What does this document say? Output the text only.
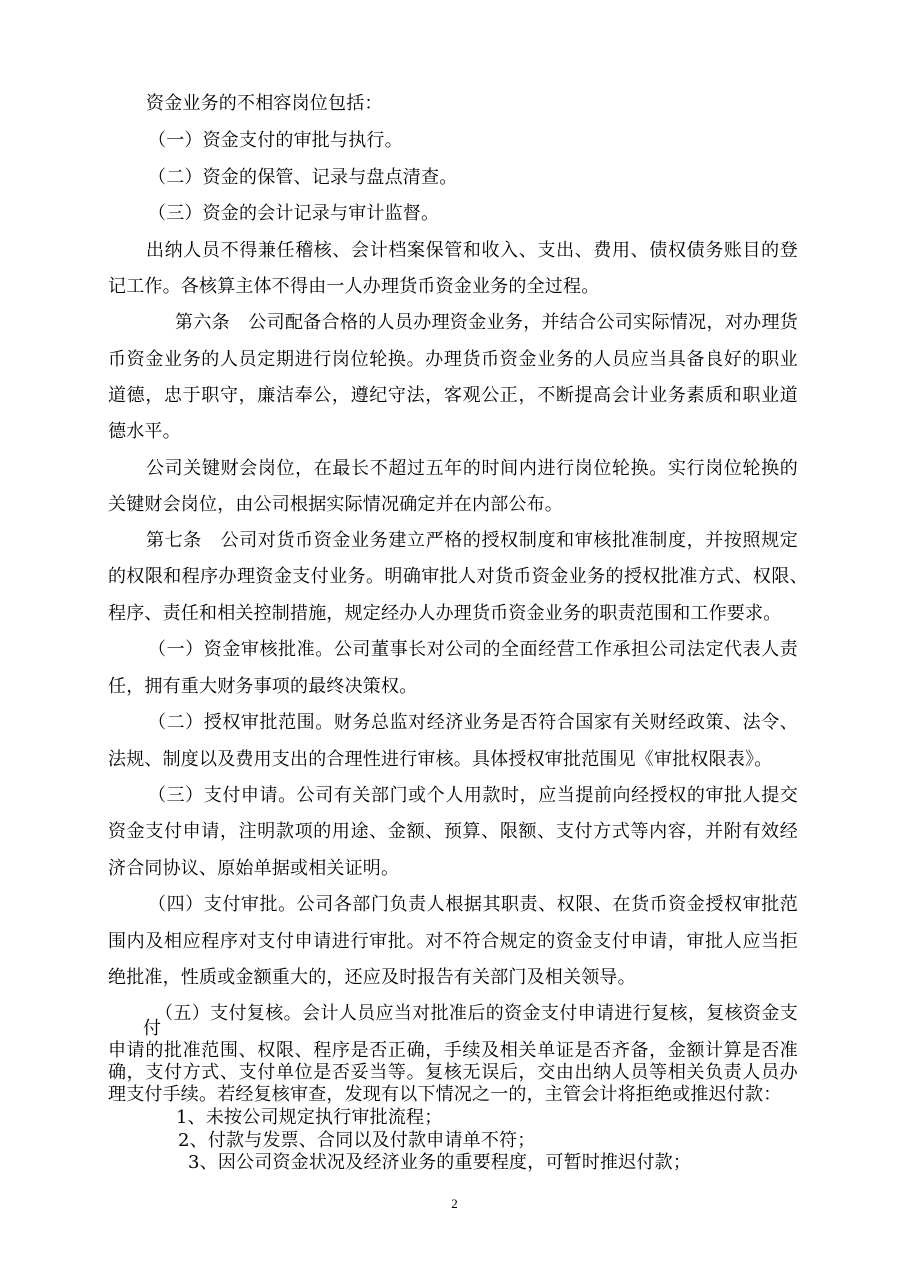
资金业务的不相容岗位包括：
（一）资金支付的审批与执行。
（二）资金的保管、记录与盘点清查。
（三）资金的会计记录与审计监督。
出纳人员不得兼任稽核、会计档案保管和收入、支出、费用、债权债务账目的登
记工作。各核算主体不得由一人办理货币资金业务的全过程。
第六条　公司配备合格的人员办理资金业务，并结合公司实际情况，对办理货
币资金业务的人员定期进行岗位轮换。办理货币资金业务的人员应当具备良好的职业
道德，忠于职守，廉洁奉公，遵纪守法，客观公正，不断提高会计业务素质和职业道
德水平。
公司关键财会岗位，在最长不超过五年的时间内进行岗位轮换。实行岗位轮换的
关键财会岗位，由公司根据实际情况确定并在内部公布。
第七条　公司对货币资金业务建立严格的授权制度和审核批准制度，并按照规定
的权限和程序办理资金支付业务。明确审批人对货币资金业务的授权批准方式、权限、
程序、责任和相关控制措施，规定经办人办理货币资金业务的职责范围和工作要求。
（一）资金审核批准。公司董事长对公司的全面经营工作承担公司法定代表人责
任，拥有重大财务事项的最终决策权。
（二）授权审批范围。财务总监对经济业务是否符合国家有关财经政策、法令、
法规、制度以及费用支出的合理性进行审核。具体授权审批范围见《审批权限表》。
（三）支付申请。公司有关部门或个人用款时，应当提前向经授权的审批人提交
资金支付申请，注明款项的用途、金额、预算、限额、支付方式等内容，并附有效经
济合同协议、原始单据或相关证明。
（四）支付审批。公司各部门负责人根据其职责、权限、在货币资金授权审批范
围内及相应程序对支付申请进行审批。对不符合规定的资金支付申请，审批人应当拒
绝批准，性质或金额重大的，还应及时报告有关部门及相关领导。
（五）支付复核。会计人员应当对批准后的资金支付申请进行复核，复核资金支
付
申请的批准范围、权限、程序是否正确，手续及相关单证是否齐备，金额计算是否准
确，支付方式、支付单位是否妥当等。复核无误后，交由出纳人员等相关负责人员办
理支付手续。若经复核审查，发现有以下情况之一的，主管会计将拒绝或推迟付款：
1、未按公司规定执行审批流程；
2、付款与发票、合同以及付款申请单不符；
3、因公司资金状况及经济业务的重要程度，可暂时推迟付款；
2
